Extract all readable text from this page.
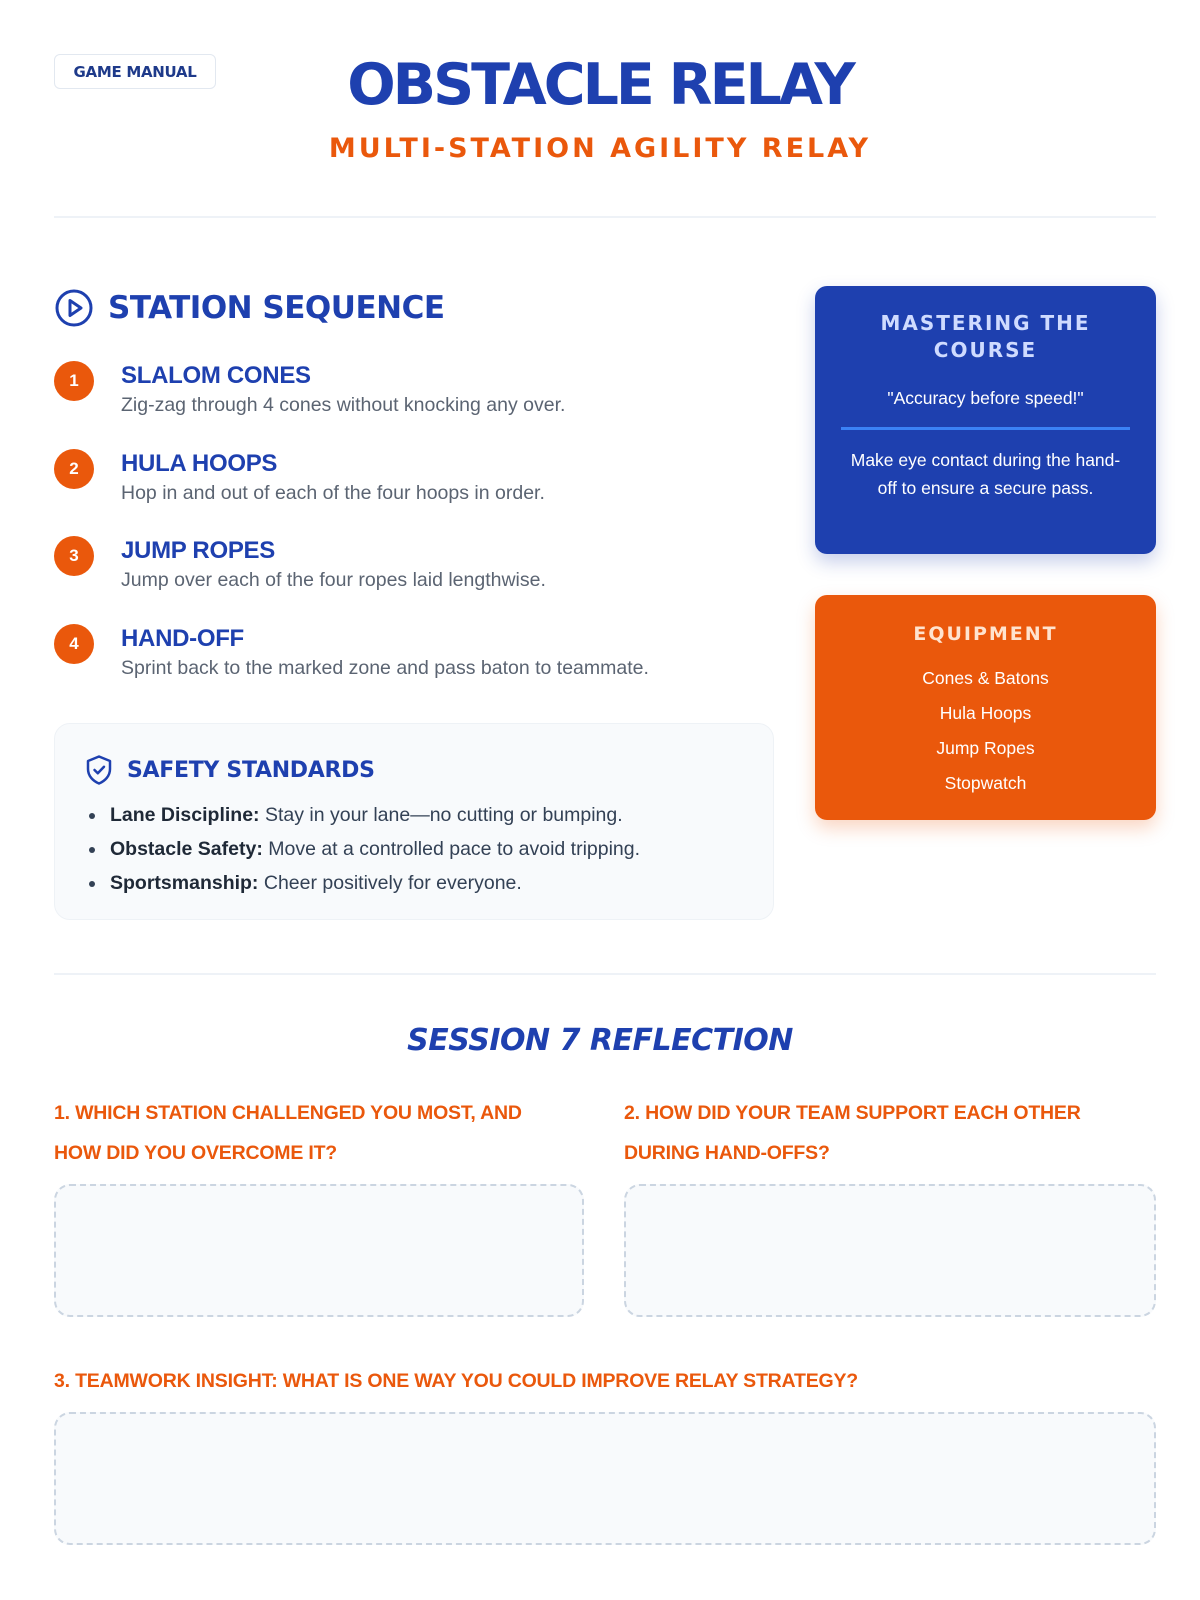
GAME MANUAL	OBSTACLE RELAY
MULTI-STATION AGILITY RELAY
STATION SEQUENCE
1	SLALOM CONES
Zig-zag through 4 cones without knocking any over.
2	HULA HOOPS
Hop in and out of each of the four hoops in order.
3	JUMP ROPES
Jump over each of the four ropes laid lengthwise.
4	HAND-OFF
Sprint back to the marked zone and pass baton to teammate.
SAFETY STANDARDS
Lane Discipline: Stay in your lane—no cutting or bumping.
Obstacle Safety: Move at a controlled pace to avoid tripping.
Sportsmanship: Cheer positively for everyone.
MASTERING THE COURSE
"Accuracy before speed!"
Make eye contact during the hand-off to ensure a secure pass.
EQUIPMENT
Cones & Batons
Hula Hoops
Jump Ropes
Stopwatch
SESSION 7 REFLECTION
1. WHICH STATION CHALLENGED YOU MOST, AND HOW DID YOU OVERCOME IT?
2. HOW DID YOUR TEAM SUPPORT EACH OTHER DURING HAND-OFFS?
3. TEAMWORK INSIGHT: WHAT IS ONE WAY YOU COULD IMPROVE RELAY STRATEGY?
